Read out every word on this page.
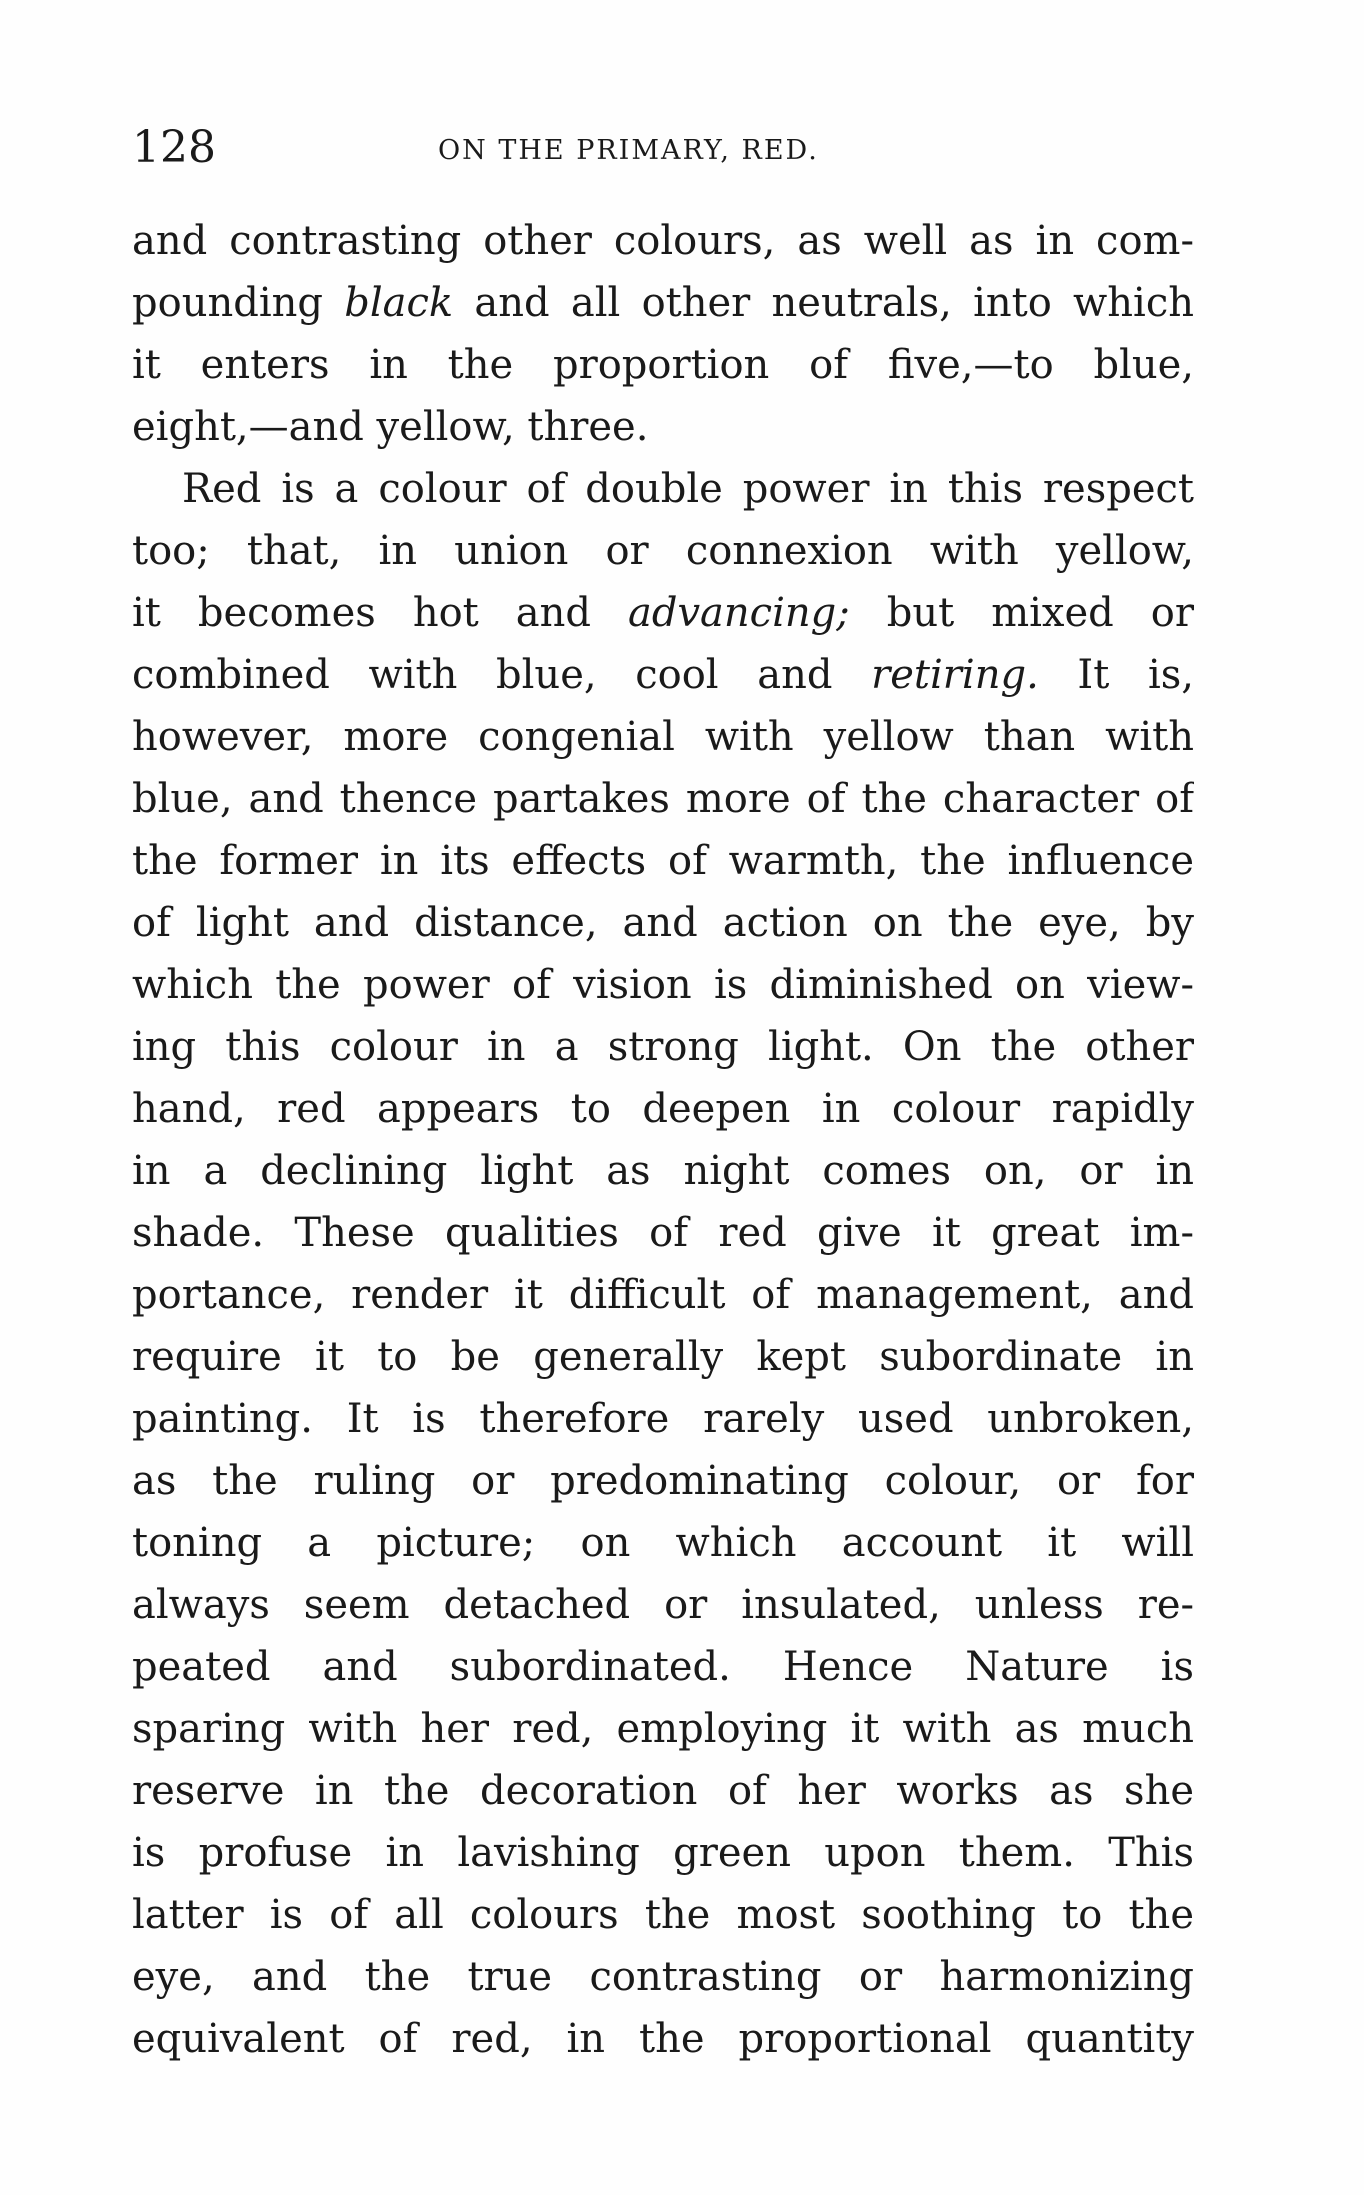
128	ON THE PRIMARY, RED.
and contrasting other colours, as well as in com-
pounding black and all other neutrals, into which
it enters in the proportion of five,—to blue,
eight,—and yellow, three.
Red is a colour of double power in this respect
too; that, in union or connexion with yellow,
it becomes hot and advancing; but mixed or
combined with blue, cool and retiring. It is,
however, more congenial with yellow than with
blue, and thence partakes more of the character of
the former in its effects of warmth, the influence
of light and distance, and action on the eye, by
which the power of vision is diminished on view-
ing this colour in a strong light. On the other
hand, red appears to deepen in colour rapidly
in a declining light as night comes on, or in
shade. These qualities of red give it great im-
portance, render it difficult of management, and
require it to be generally kept subordinate in
painting. It is therefore rarely used unbroken,
as the ruling or predominating colour, or for
toning a picture; on which account it will
always seem detached or insulated, unless re-
peated and subordinated. Hence Nature is
sparing with her red, employing it with as much
reserve in the decoration of her works as she
is profuse in lavishing green upon them. This
latter is of all colours the most soothing to the
eye, and the true contrasting or harmonizing
equivalent of red, in the proportional quantity
